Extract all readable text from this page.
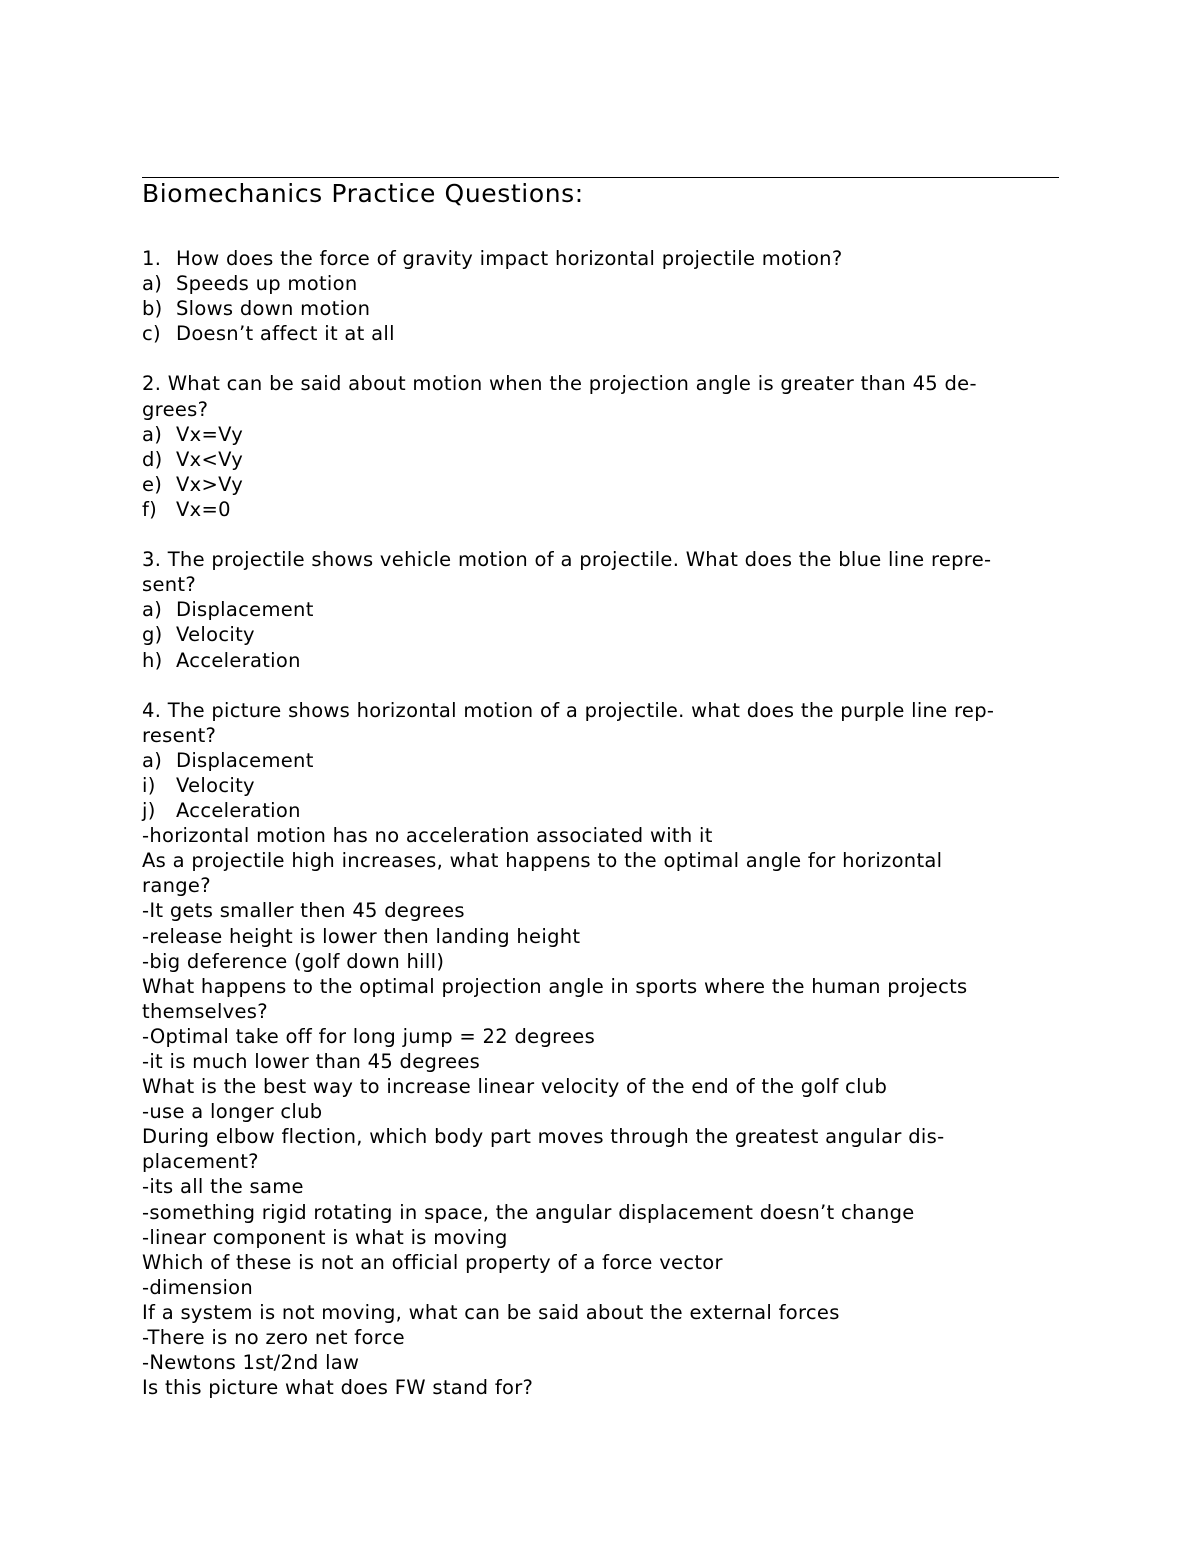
Biomechanics Practice Questions:
1. How does the force of gravity impact horizontal projectile motion?
a) Speeds up motion
b) Slows down motion
c) Doesn’t affect it at all
2. What can be said about motion when the projection angle is greater than 45 de-
grees?
a) Vx=Vy
d) Vx<Vy
e) Vx>Vy
f) Vx=0
3. The projectile shows vehicle motion of a projectile. What does the blue line repre-
sent?
a) Displacement
g) Velocity
h) Acceleration
4. The picture shows horizontal motion of a projectile. what does the purple line rep-
resent?
a) Displacement
i) Velocity
j) Acceleration
-horizontal motion has no acceleration associated with it
As a projectile high increases, what happens to the optimal angle for horizontal
range?
-It gets smaller then 45 degrees
-release height is lower then landing height
-big deference (golf down hill)
What happens to the optimal projection angle in sports where the human projects
themselves?
-Optimal take off for long jump = 22 degrees
-it is much lower than 45 degrees
What is the best way to increase linear velocity of the end of the golf club
-use a longer club
During elbow flection, which body part moves through the greatest angular dis-
placement?
-its all the same
-something rigid rotating in space, the angular displacement doesn’t change
-linear component is what is moving
Which of these is not an official property of a force vector
-dimension
If a system is not moving, what can be said about the external forces
-There is no zero net force
-Newtons 1st/2nd law
Is this picture what does FW stand for?
